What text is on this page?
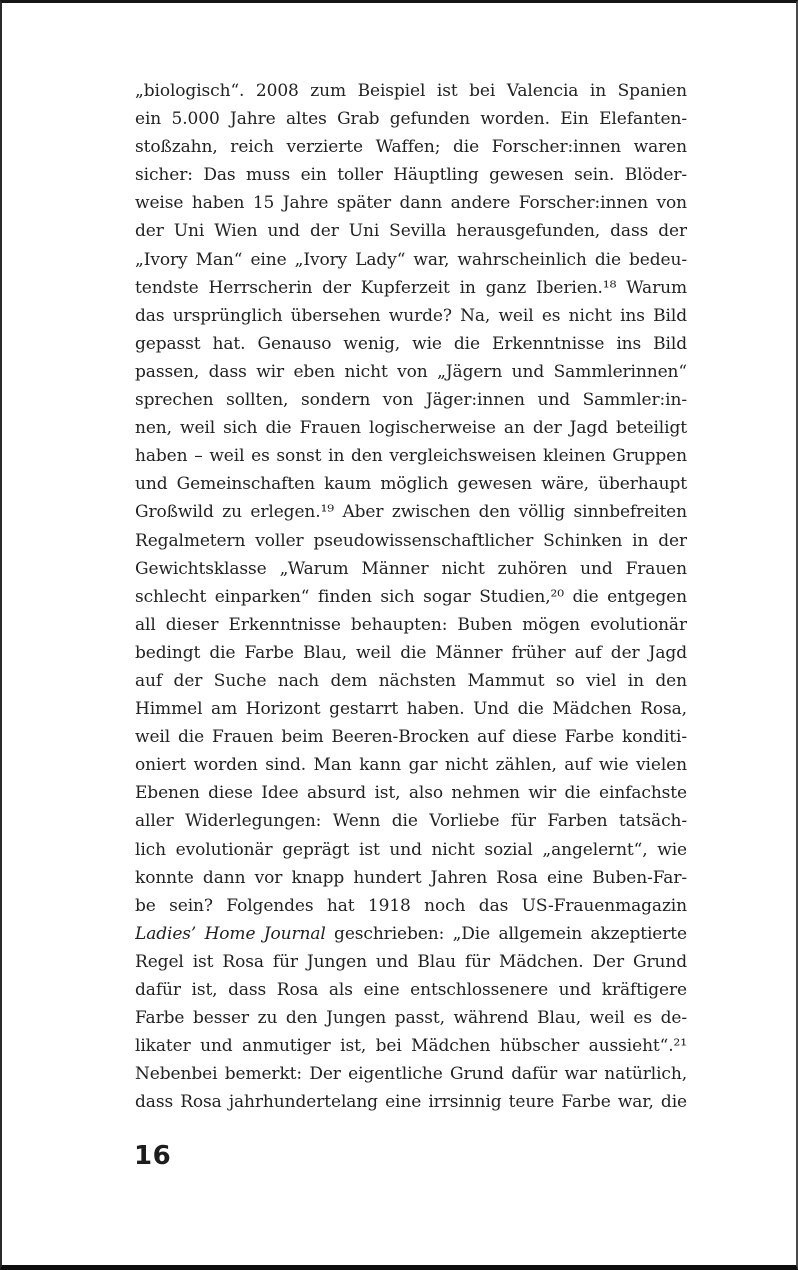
„biologisch“. 2008 zum Beispiel ist bei Valencia in Spanien
ein 5.000 Jahre altes Grab gefunden worden. Ein Elefanten-
stoßzahn, reich verzierte Waffen; die Forscher:innen waren
sicher: Das muss ein toller Häuptling gewesen sein. Blöder-
weise haben 15 Jahre später dann andere Forscher:innen von
der Uni Wien und der Uni Sevilla herausgefunden, dass der
„Ivory Man“ eine „Ivory Lady“ war, wahrscheinlich die bedeu-
tendste Herrscherin der Kupferzeit in ganz Iberien.¹⁸ Warum
das ursprünglich übersehen wurde? Na, weil es nicht ins Bild
gepasst hat. Genauso wenig, wie die Erkenntnisse ins Bild
passen, dass wir eben nicht von „Jägern und Sammlerinnen“
sprechen sollten, sondern von Jäger:innen und Sammler:in-
nen, weil sich die Frauen logischerweise an der Jagd beteiligt
haben – weil es sonst in den vergleichsweisen kleinen Gruppen
und Gemeinschaften kaum möglich gewesen wäre, überhaupt
Großwild zu erlegen.¹⁹ Aber zwischen den völlig sinnbefreiten
Regalmetern voller pseudowissenschaftlicher Schinken in der
Gewichtsklasse „Warum Männer nicht zuhören und Frauen
schlecht einparken“ finden sich sogar Studien,²⁰ die entgegen
all dieser Erkenntnisse behaupten: Buben mögen evolutionär
bedingt die Farbe Blau, weil die Männer früher auf der Jagd
auf der Suche nach dem nächsten Mammut so viel in den
Himmel am Horizont gestarrt haben. Und die Mädchen Rosa,
weil die Frauen beim Beeren-Brocken auf diese Farbe konditi-
oniert worden sind. Man kann gar nicht zählen, auf wie vielen
Ebenen diese Idee absurd ist, also nehmen wir die einfachste
aller Widerlegungen: Wenn die Vorliebe für Farben tatsäch-
lich evolutionär geprägt ist und nicht sozial „angelernt“, wie
konnte dann vor knapp hundert Jahren Rosa eine Buben-Far-
be sein? Folgendes hat 1918 noch das US-Frauenmagazin
Ladies’ Home Journal geschrieben: „Die allgemein akzeptierte
Regel ist Rosa für Jungen und Blau für Mädchen. Der Grund
dafür ist, dass Rosa als eine entschlossenere und kräftigere
Farbe besser zu den Jungen passt, während Blau, weil es de-
likater und anmutiger ist, bei Mädchen hübscher aussieht“.²¹
Nebenbei bemerkt: Der eigentliche Grund dafür war natürlich,
dass Rosa jahrhundertelang eine irrsinnig teure Farbe war, die
16
